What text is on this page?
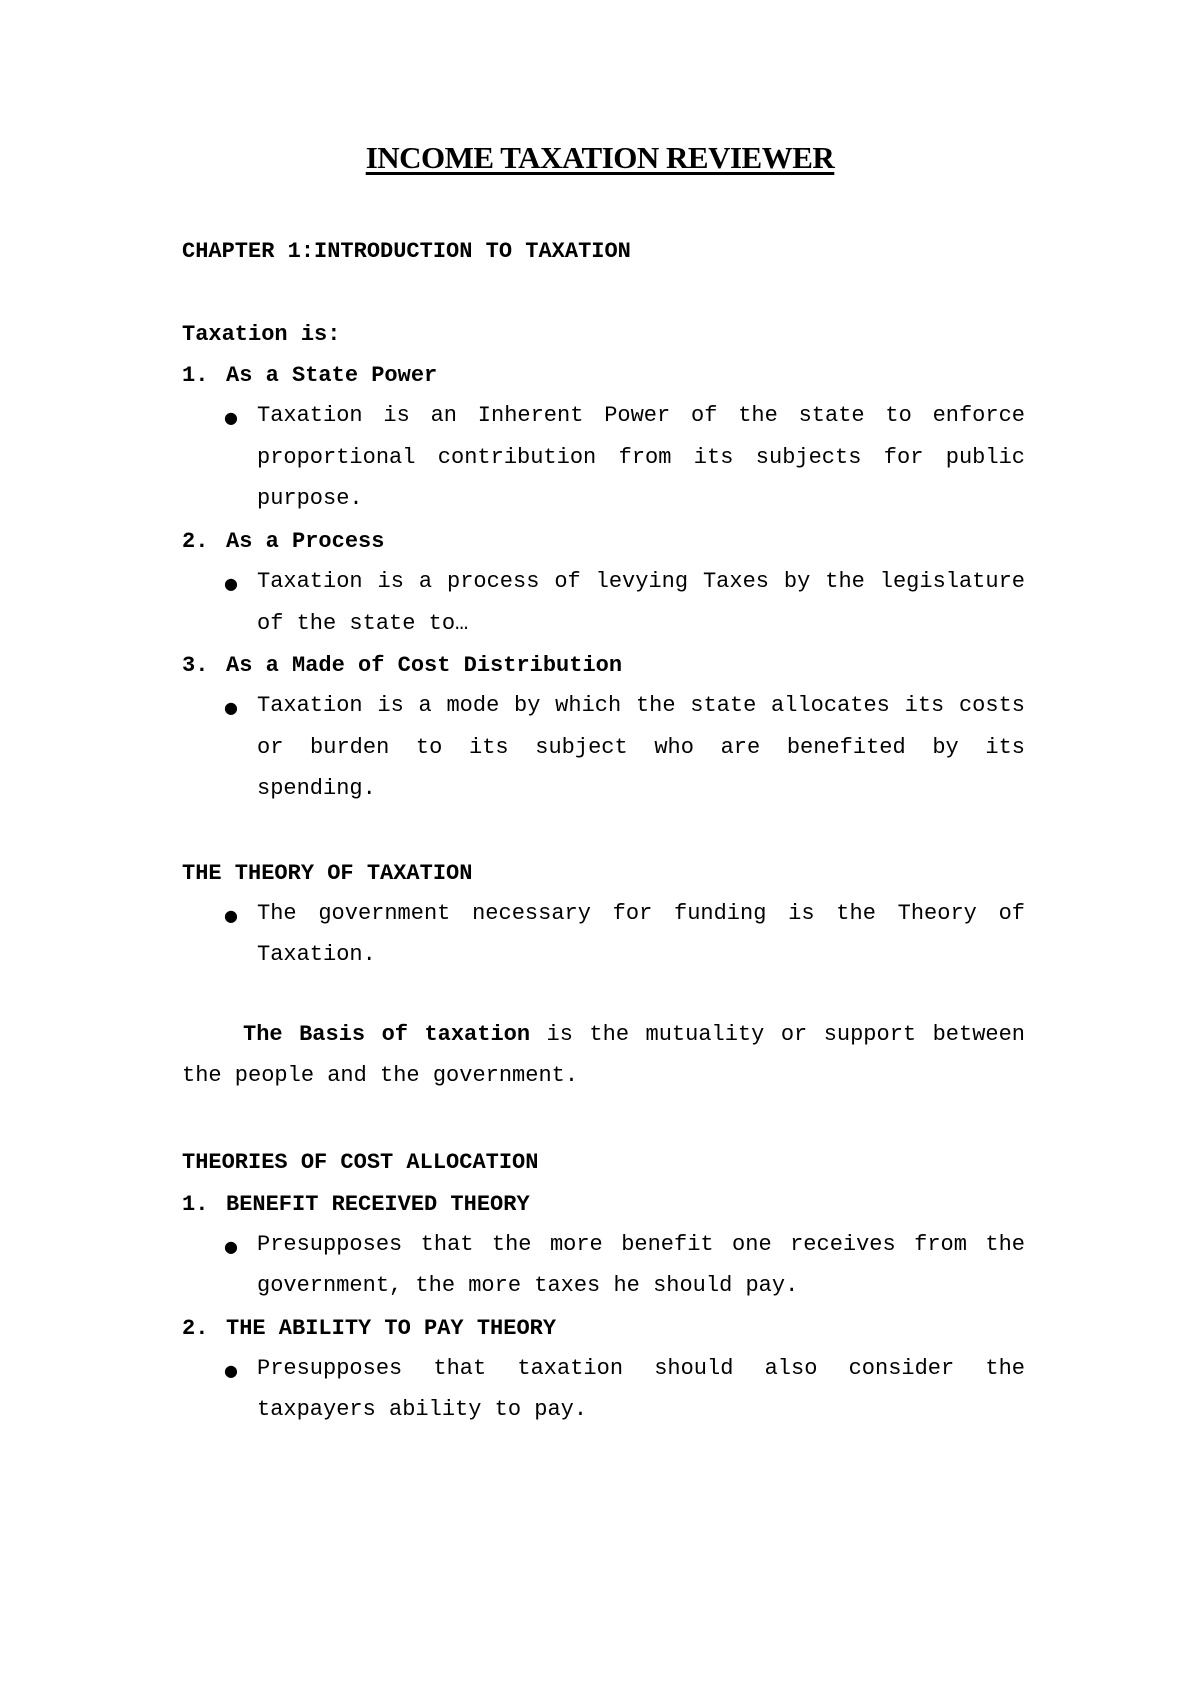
INCOME TAXATION REVIEWER
CHAPTER 1:INTRODUCTION TO TAXATION
Taxation is:
1. As a State Power
● Taxation is an Inherent Power of the state to enforce proportional contribution from its subjects for public purpose.
2. As a Process
● Taxation is a process of levying Taxes by the legislature of the state to…
3. As a Made of Cost Distribution
● Taxation is a mode by which the state allocates its costs or burden to its subject who are benefited by its spending.
THE THEORY OF TAXATION
● The government necessary for funding is the Theory of Taxation.
The Basis of taxation is the mutuality or support between the people and the government.
THEORIES OF COST ALLOCATION
1. BENEFIT RECEIVED THEORY
● Presupposes that the more benefit one receives from the government, the more taxes he should pay.
2. THE ABILITY TO PAY THEORY
● Presupposes that taxation should also consider the taxpayers ability to pay.
